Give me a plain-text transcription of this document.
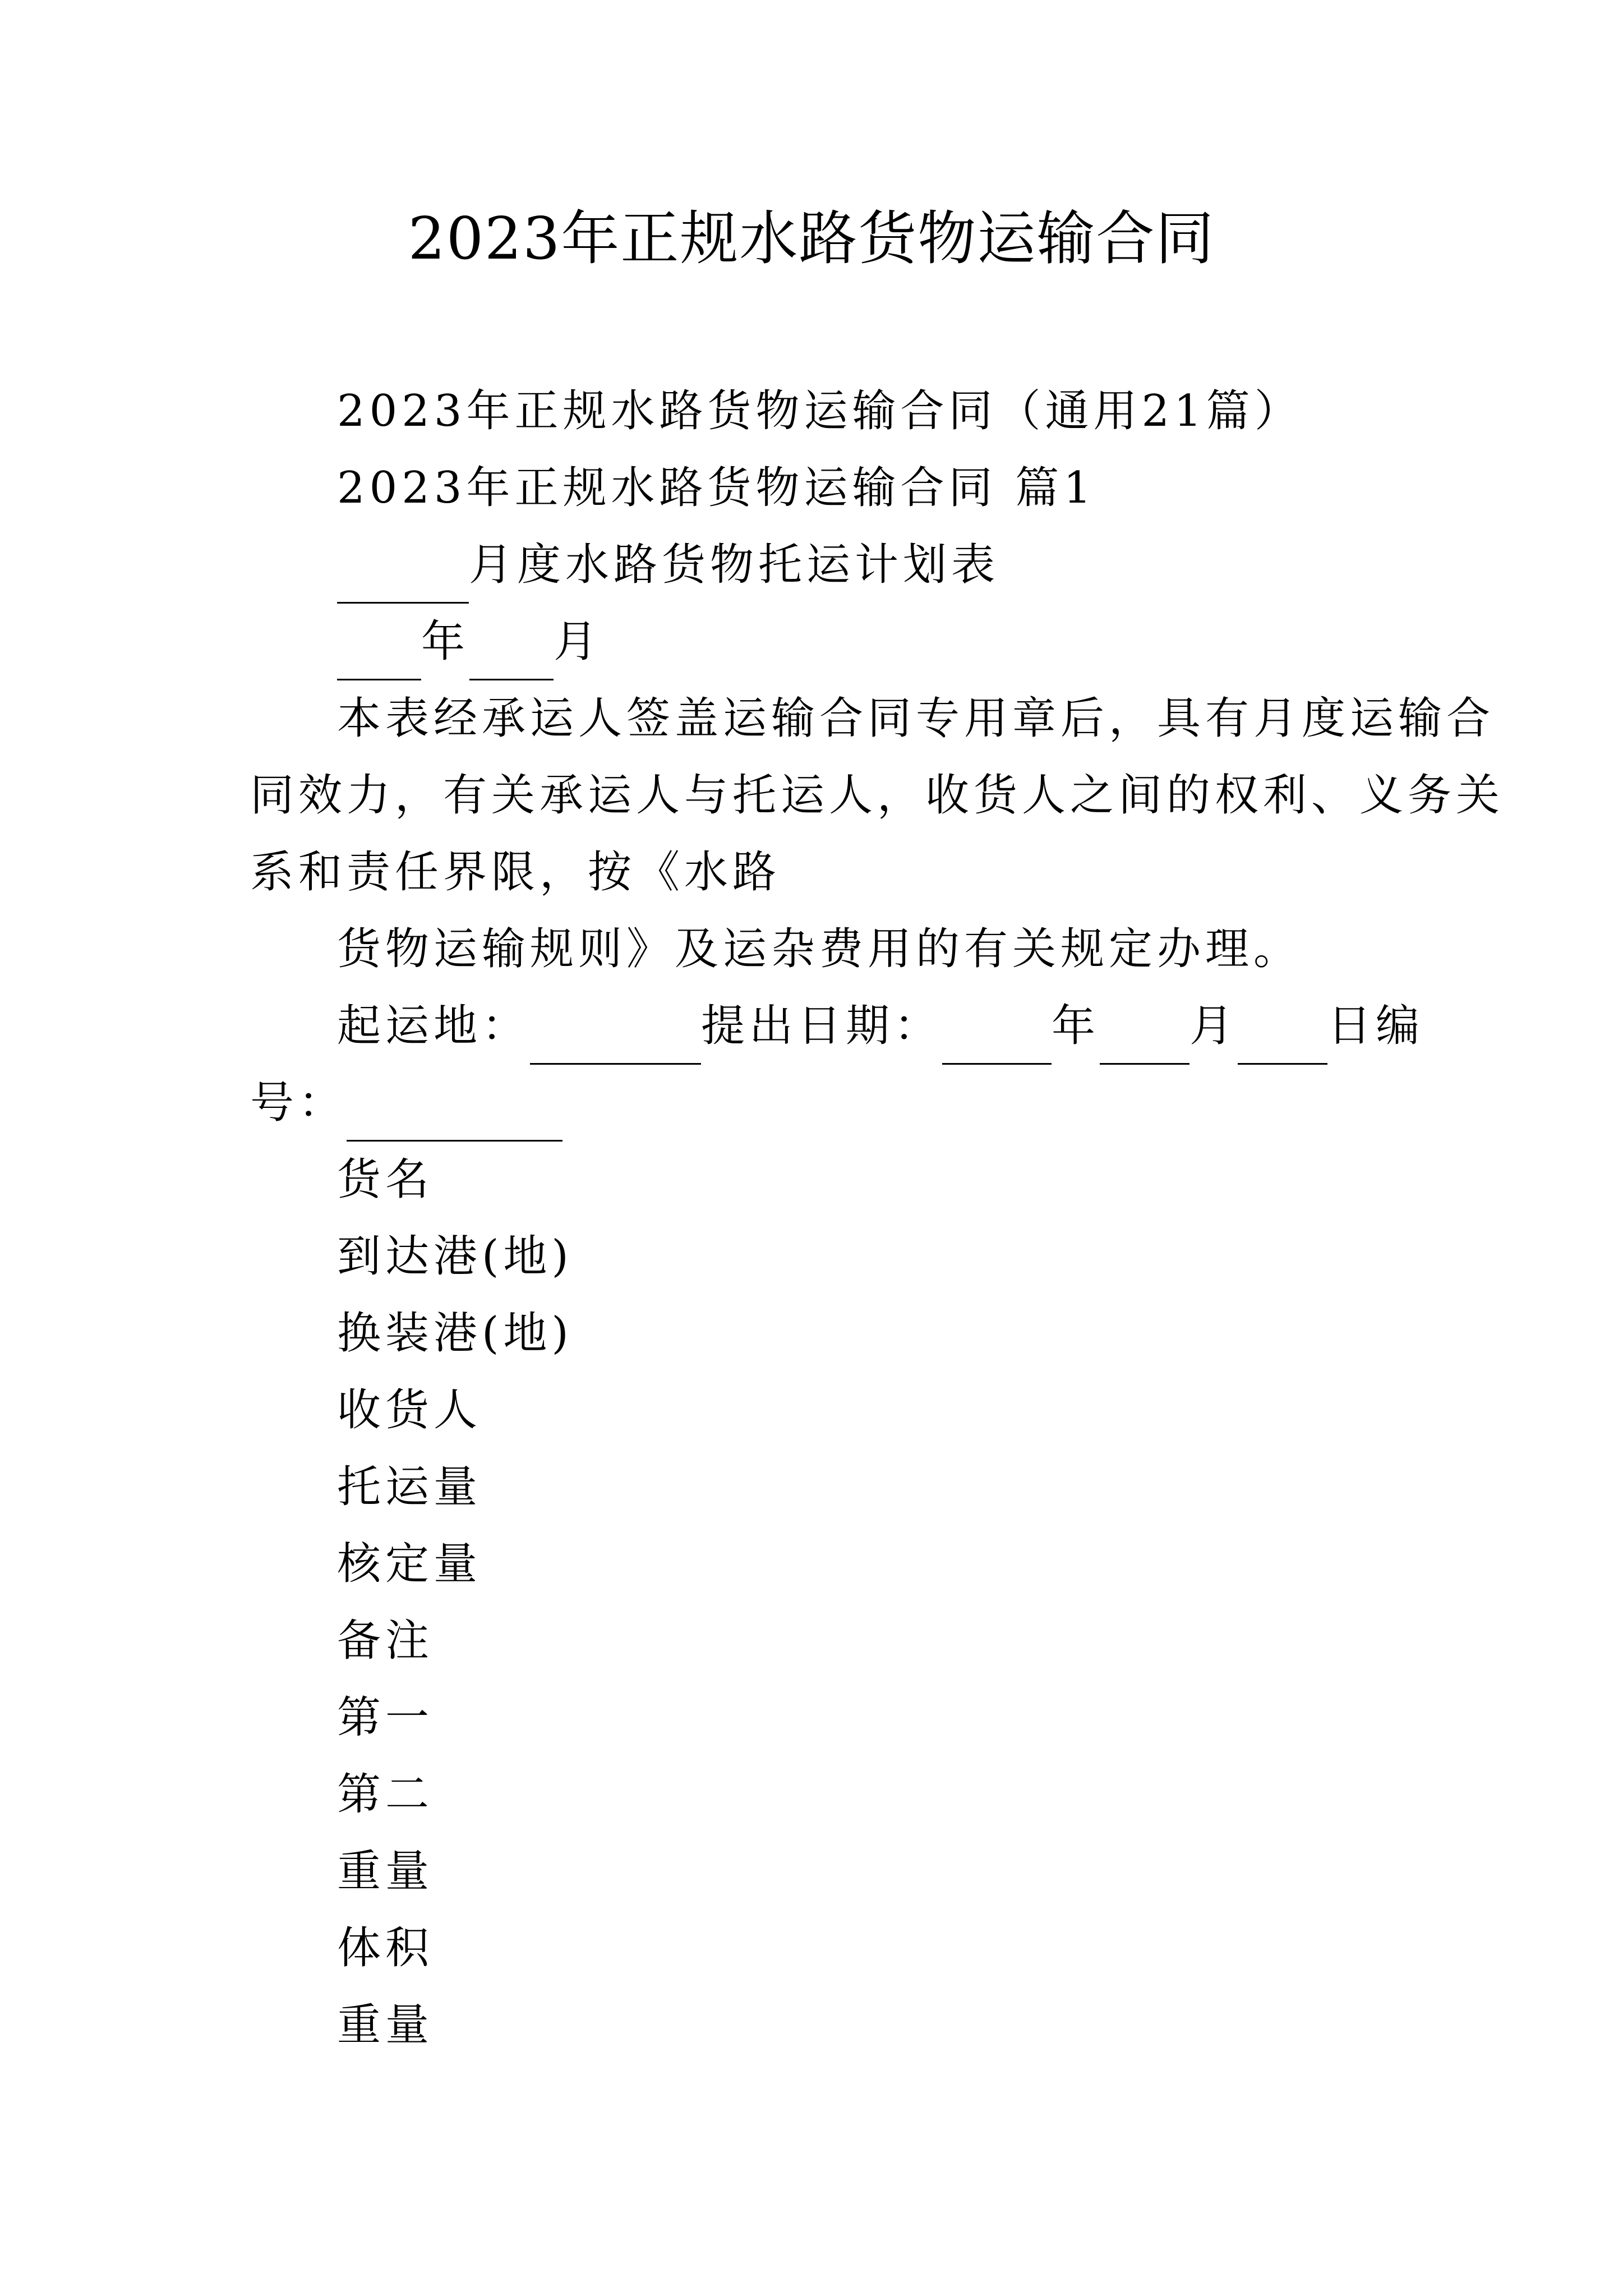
2023年正规水路货物运输合同
2023年正规水路货物运输合同（通用21篇）
2023年正规水路货物运输合同 篇1
月度水路货物托运计划表
年 月
本表经承运人签盖运输合同专用章后，具有月度运输合
同效力，有关承运人与托运人，收货人之间的权利、义务关
系和责任界限，按《水路
货物运输规则》及运杂费用的有关规定办理。
起运地：	提出日期：	年 月 日编
号：
货名
到达港(地)
换装港(地)
收货人
托运量
核定量
备注
第一
第二
重量
体积
重量
